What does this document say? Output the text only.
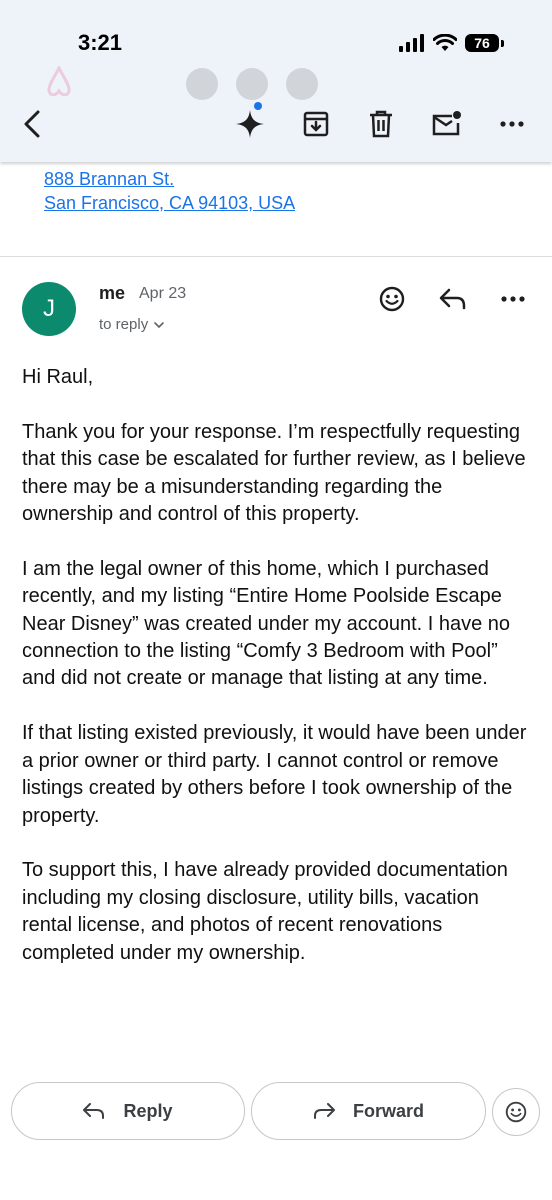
3:21	76
888 Brannan St.
San Francisco, CA 94103, USA
J
me Apr 23
to reply
Hi Raul,

Thank you for your response. I’m respectfully requesting that this case be escalated for further review, as I believe there may be a misunderstanding regarding the ownership and control of this property.

I am the legal owner of this home, which I purchased recently, and my listing “Entire Home Poolside Escape Near Disney” was created under my account. I have no connection to the listing “Comfy 3 Bedroom with Pool” and did not create or manage that listing at any time.

If that listing existed previously, it would have been under a prior owner or third party. I cannot control or remove listings created by others before I took ownership of the property.

To support this, I have already provided documentation including my closing disclosure, utility bills, vacation rental license, and photos of recent renovations completed under my ownership.
Reply	Forward
